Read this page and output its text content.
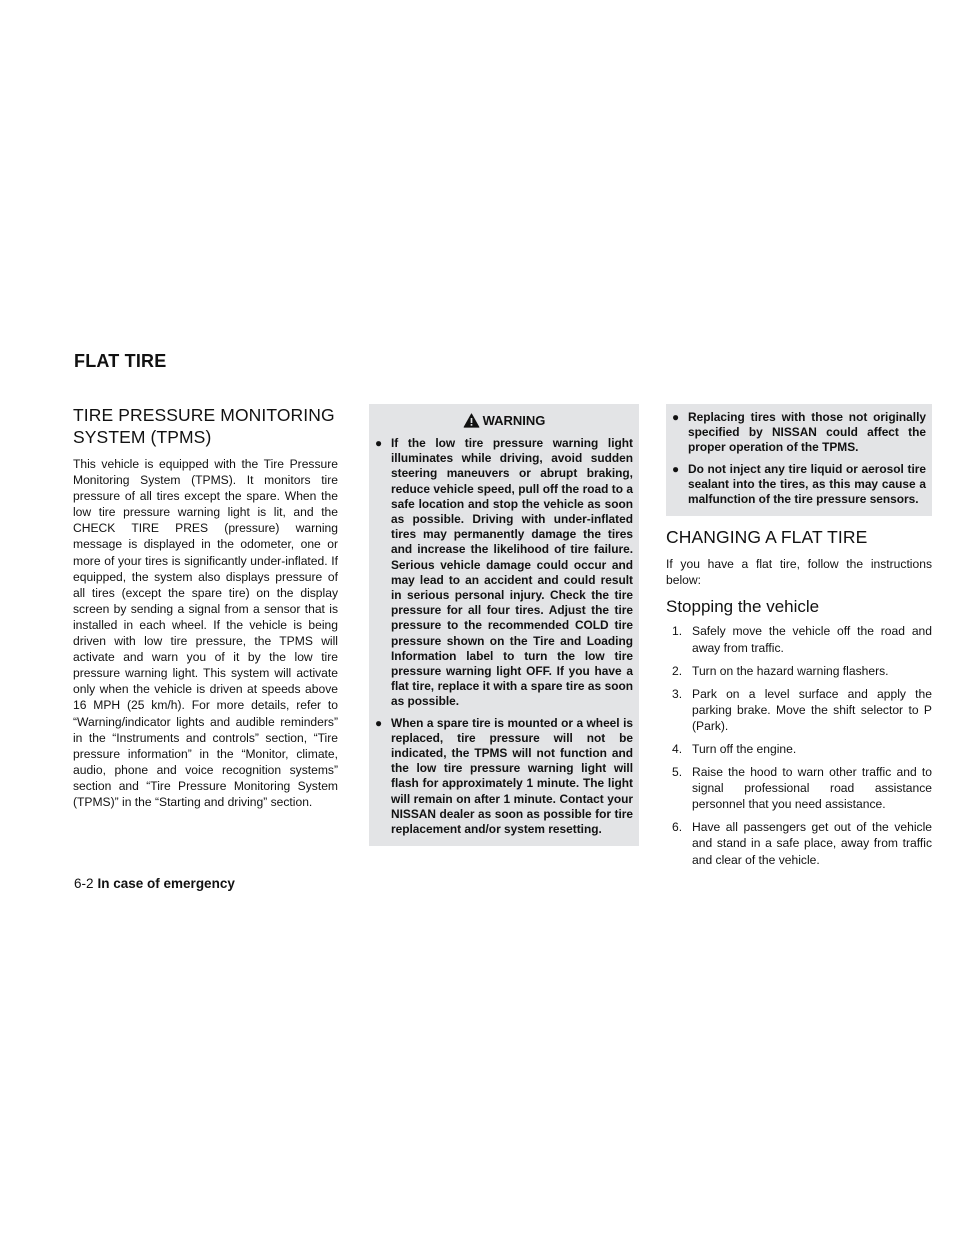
FLAT TIRE
TIRE PRESSURE MONITORING SYSTEM (TPMS)

This vehicle is equipped with the Tire Pressure Monitoring System (TPMS). It monitors tire pressure of all tires except the spare. When the low tire pressure warning light is lit, and the CHECK TIRE PRES (pressure) warning message is displayed in the odometer, one or more of your tires is significantly under-inflated. If equipped, the system also displays pressure of all tires (except the spare tire) on the display screen by sending a signal from a sensor that is installed in each wheel. If the vehicle is being driven with low tire pressure, the TPMS will activate and warn you of it by the low tire pressure warning light. This system will activate only when the vehicle is driven at speeds above 16 MPH (25 km/h). For more details, refer to “Warning/indicator lights and audible reminders” in the “Instruments and controls” section, “Tire pressure information” in the “Monitor, climate, audio, phone and voice recognition systems” section and “Tire Pressure Monitoring System (TPMS)” in the “Starting and driving” section.

WARNING
● If the low tire pressure warning light illuminates while driving, avoid sudden steering maneuvers or abrupt braking, reduce vehicle speed, pull off the road to a safe location and stop the vehicle as soon as possible. Driving with under-inflated tires may permanently damage the tires and increase the likelihood of tire failure. Serious vehicle damage could occur and may lead to an accident and could result in serious personal injury. Check the tire pressure for all four tires. Adjust the tire pressure to the recommended COLD tire pressure shown on the Tire and Loading Information label to turn the low tire pressure warning light OFF. If you have a flat tire, replace it with a spare tire as soon as possible.
● When a spare tire is mounted or a wheel is replaced, tire pressure will not be indicated, the TPMS will not function and the low tire pressure warning light will flash for approximately 1 minute. The light will remain on after 1 minute. Contact your NISSAN dealer as soon as possible for tire replacement and/or system resetting.
● Replacing tires with those not originally specified by NISSAN could affect the proper operation of the TPMS.
● Do not inject any tire liquid or aerosol tire sealant into the tires, as this may cause a malfunction of the tire pressure sensors.
CHANGING A FLAT TIRE

If you have a flat tire, follow the instructions below:

Stopping the vehicle
1. Safely move the vehicle off the road and away from traffic.
2. Turn on the hazard warning flashers.
3. Park on a level surface and apply the parking brake. Move the shift selector to P (Park).
4. Turn off the engine.
5. Raise the hood to warn other traffic and to signal professional road assistance personnel that you need assistance.
6. Have all passengers get out of the vehicle and stand in a safe place, away from traffic and clear of the vehicle.
6-2 In case of emergency
